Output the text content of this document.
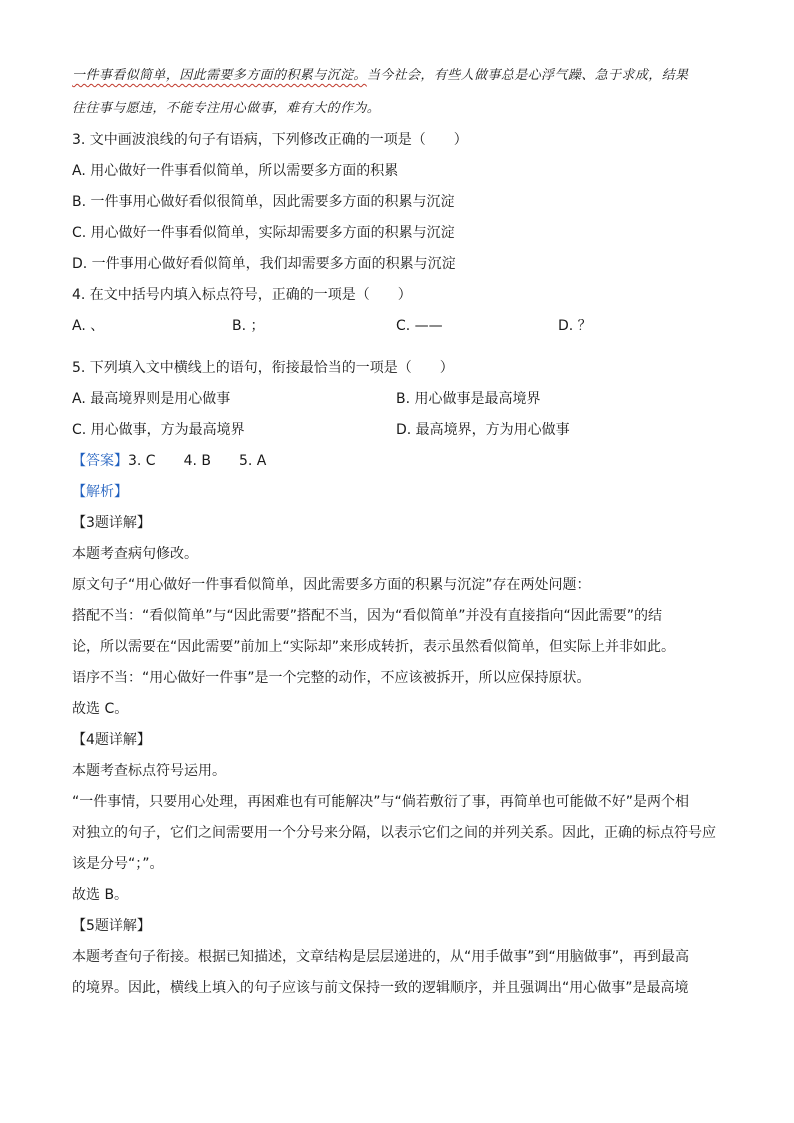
一件事看似简单，因此需要多方面的积累与沉淀。当今社会，有些人做事总是心浮气躁、急于求成，结果
往往事与愿违，不能专注用心做事，难有大的作为。
3. 文中画波浪线的句子有语病，下列修改正确的一项是（　　）
A. 用心做好一件事看似简单，所以需要多方面的积累
B. 一件事用心做好看似很简单，因此需要多方面的积累与沉淀
C. 用心做好一件事看似简单，实际却需要多方面的积累与沉淀
D. 一件事用心做好看似简单，我们却需要多方面的积累与沉淀
4. 在文中括号内填入标点符号，正确的一项是（　　）
A. 、	B. ；	C. ——	D. ？
5. 下列填入文中横线上的语句，衔接最恰当的一项是（　　）
A. 最高境界则是用心做事	B. 用心做事是最高境界
C. 用心做事，方为最高境界	D. 最高境界，方为用心做事
【答案】3. C　　4. B　　5. A
【解析】
【3题详解】
本题考查病句修改。
原文句子“用心做好一件事看似简单，因此需要多方面的积累与沉淀”存在两处问题：
搭配不当：“看似简单”与“因此需要”搭配不当，因为“看似简单”并没有直接指向“因此需要”的结
论，所以需要在“因此需要”前加上“实际却”来形成转折，表示虽然看似简单，但实际上并非如此。
语序不当：“用心做好一件事”是一个完整的动作，不应该被拆开，所以应保持原状。
故选 C。
【4题详解】
本题考查标点符号运用。
“一件事情，只要用心处理，再困难也有可能解决”与“倘若敷衍了事，再简单也可能做不好”是两个相
对独立的句子，它们之间需要用一个分号来分隔，以表示它们之间的并列关系。因此，正确的标点符号应
该是分号“；”。
故选 B。
【5题详解】
本题考查句子衔接。根据已知描述，文章结构是层层递进的，从“用手做事”到“用脑做事”，再到最高
的境界。因此，横线上填入的句子应该与前文保持一致的逻辑顺序，并且强调出“用心做事”是最高境
